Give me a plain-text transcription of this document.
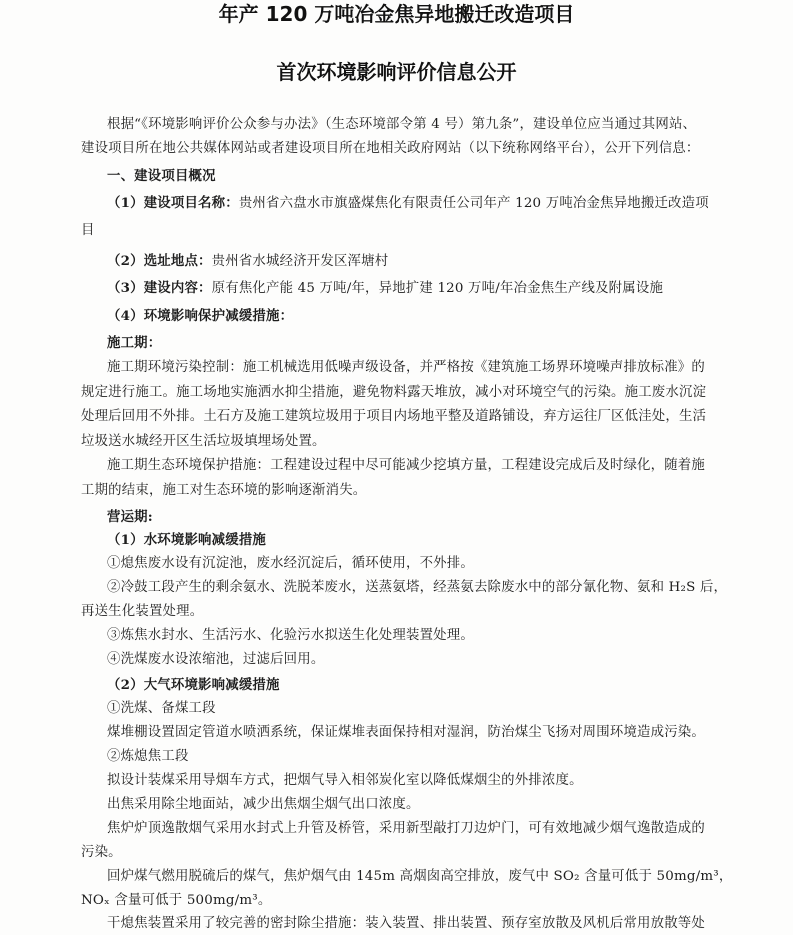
年产 120 万吨冶金焦异地搬迁改造项目
首次环境影响评价信息公开
根据“《环境影响评价公众参与办法》（生态环境部令第 4 号）第九条”，建设单位应当通过其网站、
建设项目所在地公共媒体网站或者建设项目所在地相关政府网站（以下统称网络平台），公开下列信息：
一、建设项目概况
（1）建设项目名称：贵州省六盘水市旗盛煤焦化有限责任公司年产 120 万吨冶金焦异地搬迁改造项
目
（2）选址地点：贵州省水城经济开发区浑塘村
（3）建设内容：原有焦化产能 45 万吨/年，异地扩建 120 万吨/年冶金焦生产线及附属设施
（4）环境影响保护减缓措施：
施工期：
施工期环境污染控制：施工机械选用低噪声级设备，并严格按《建筑施工场界环境噪声排放标准》的
规定进行施工。施工场地实施洒水抑尘措施，避免物料露天堆放，减小对环境空气的污染。施工废水沉淀
处理后回用不外排。土石方及施工建筑垃圾用于项目内场地平整及道路铺设，弃方运往厂区低洼处，生活
垃圾送水城经开区生活垃圾填埋场处置。
施工期生态环境保护措施：工程建设过程中尽可能减少挖填方量，工程建设完成后及时绿化，随着施
工期的结束，施工对生态环境的影响逐渐消失。
营运期:
（1）水环境影响减缓措施
①熄焦废水设有沉淀池，废水经沉淀后，循环使用，不外排。
②冷鼓工段产生的剩余氨水、洗脱苯废水，送蒸氨塔，经蒸氨去除废水中的部分氰化物、氨和 H₂S 后，
再送生化装置处理。
③炼焦水封水、生活污水、化验污水拟送生化处理装置处理。
④洗煤废水设浓缩池，过滤后回用。
（2）大气环境影响减缓措施
①洗煤、备煤工段
煤堆棚设置固定管道水喷洒系统，保证煤堆表面保持相对湿润，防治煤尘飞扬对周围环境造成污染。
②炼熄焦工段
拟设计装煤采用导烟车方式，把烟气导入相邻炭化室以降低煤烟尘的外排浓度。
出焦采用除尘地面站，减少出焦烟尘烟气出口浓度。
焦炉炉顶逸散烟气采用水封式上升管及桥管，采用新型敲打刀边炉门，可有效地减少烟气逸散造成的
污染。
回炉煤气燃用脱硫后的煤气，焦炉烟气由 145m 高烟囱高空排放，废气中 SO₂ 含量可低于 50mg/m³，
NOₓ 含量可低于 500mg/m³。
干熄焦装置采用了较完善的密封除尘措施：装入装置、排出装置、预存室放散及风机后常用放散等处
